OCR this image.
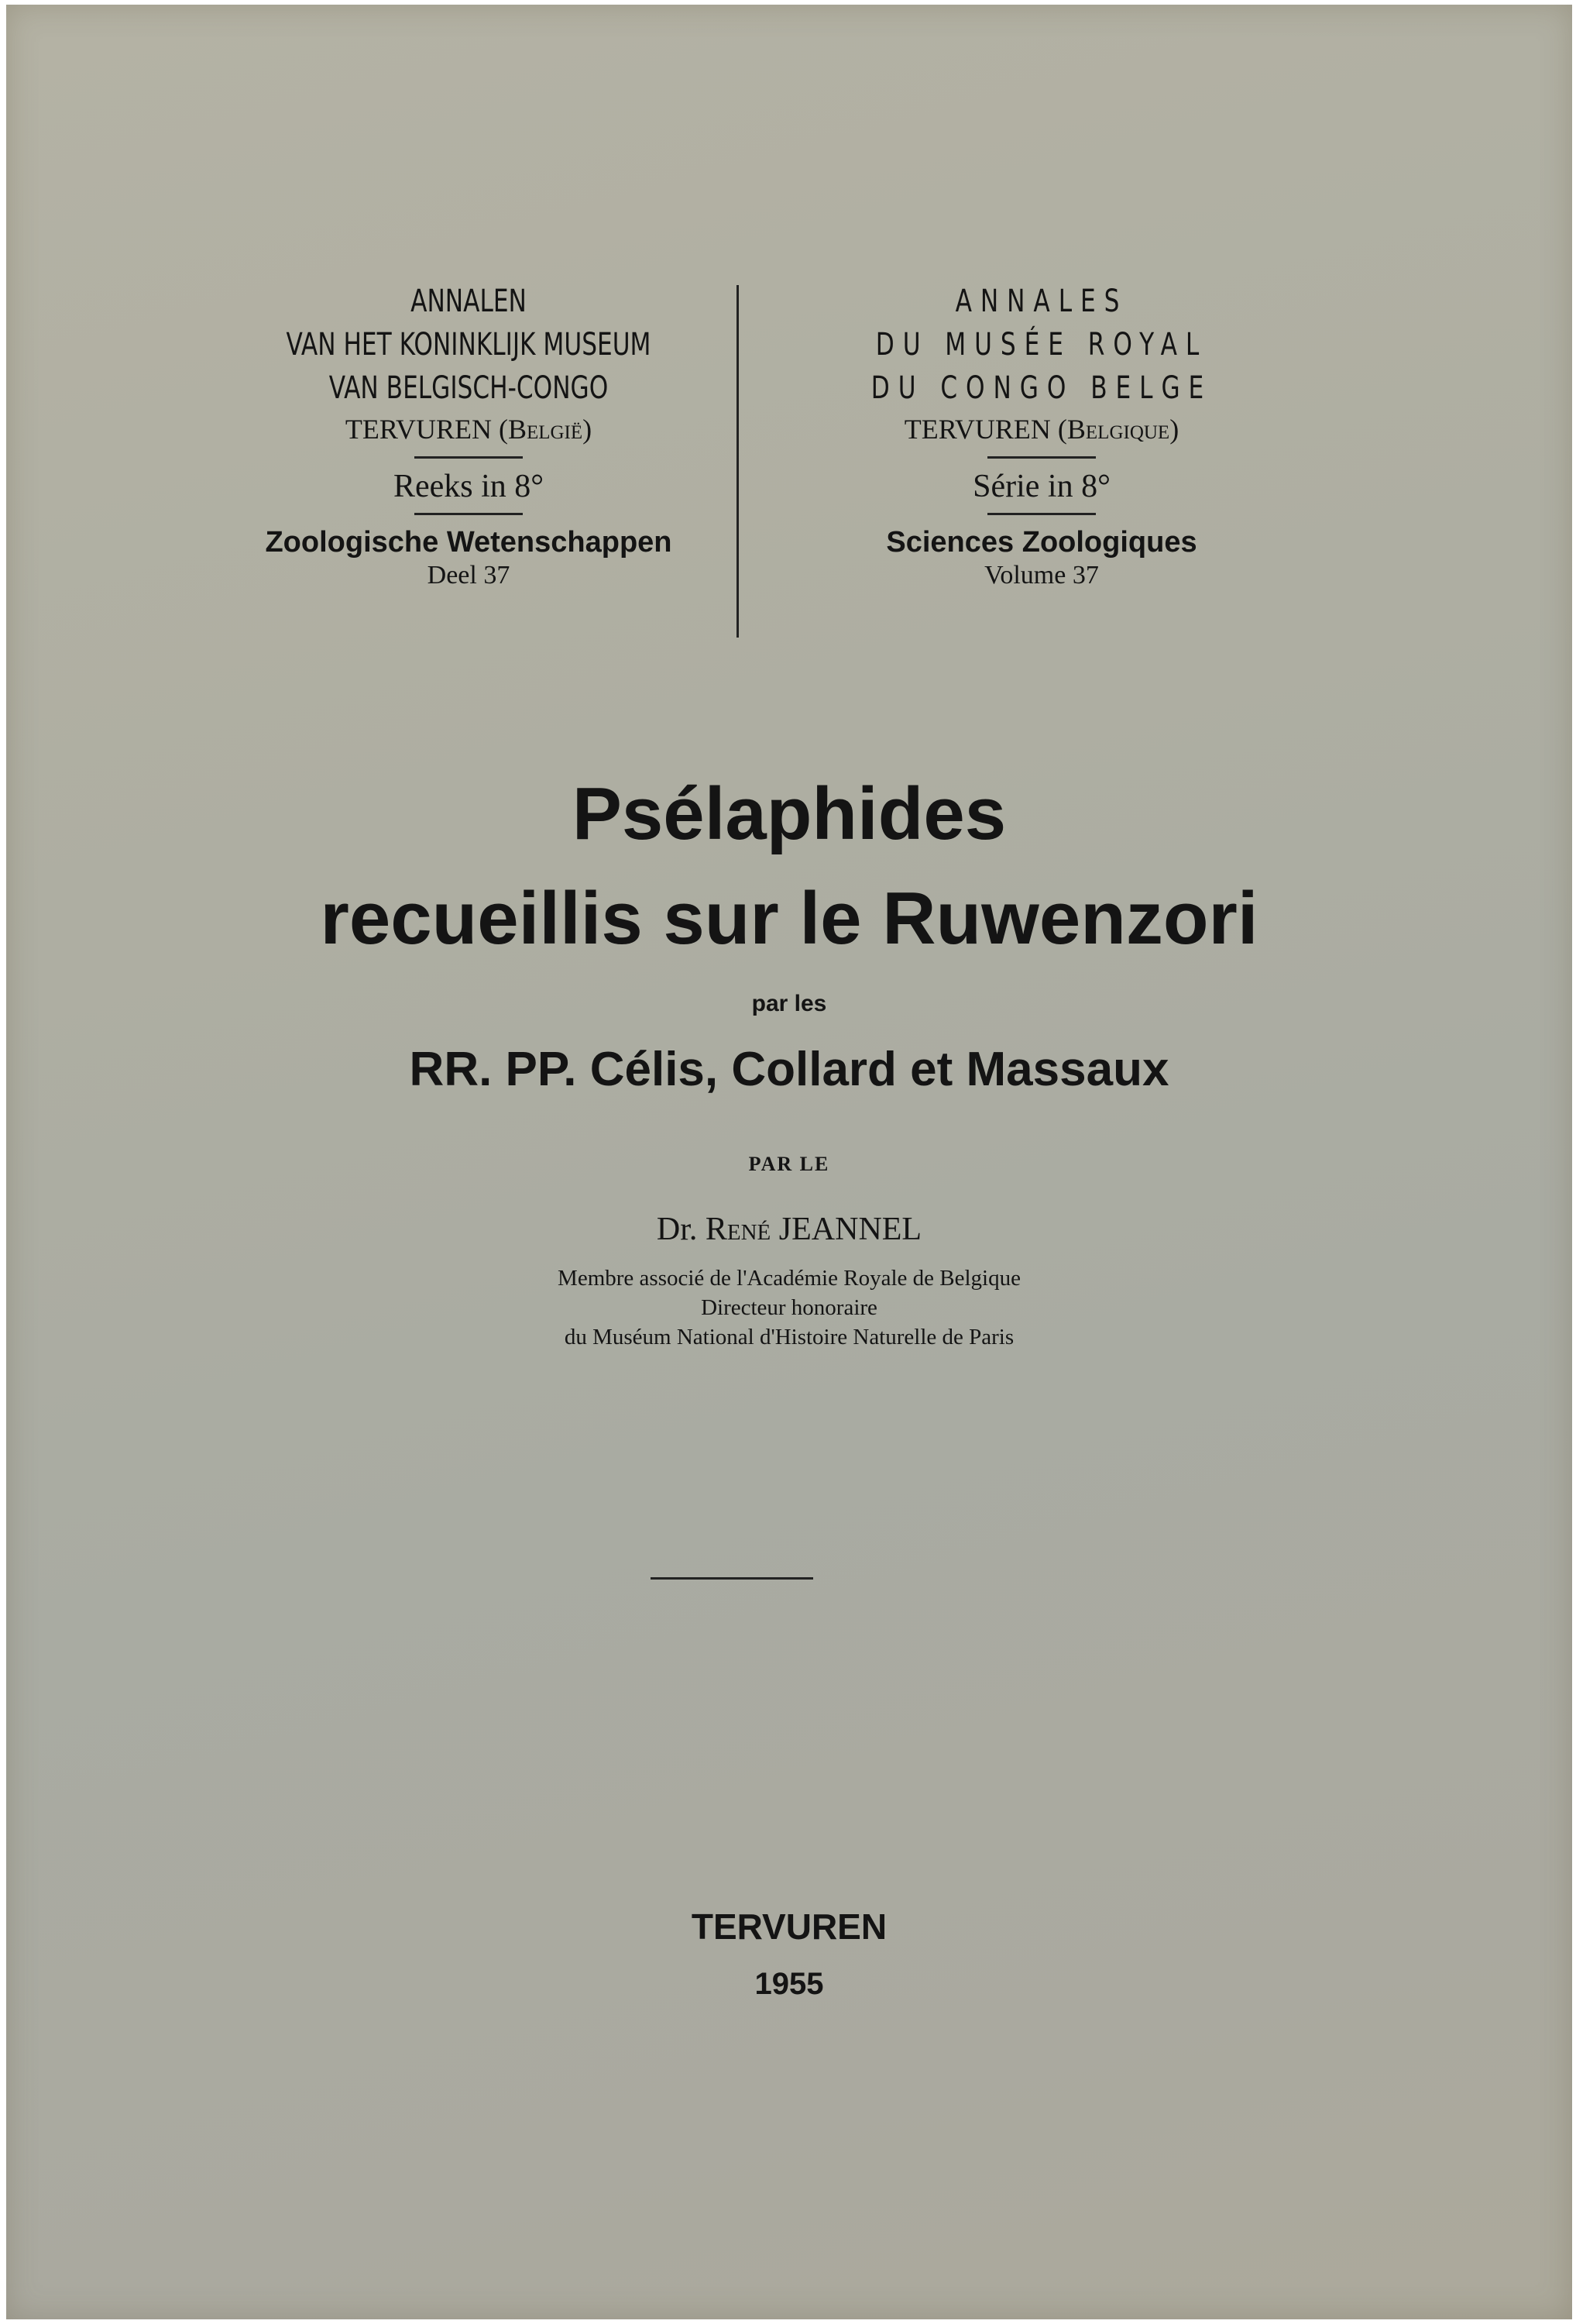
ANNALEN
VAN HET KONINKLIJK MUSEUM
VAN BELGISCH-CONGO
TERVUREN (België)
Reeks in 8°
Zoologische Wetenschappen
Deel 37
ANNALES
DU MUSÉE ROYAL
DU CONGO BELGE
TERVUREN (Belgique)
Série in 8°
Sciences Zoologiques
Volume 37
Psélaphides
recueillis sur le Ruwenzori
par les
RR. PP. Célis, Collard et Massaux
PAR LE
Dr. René JEANNEL
Membre associé de l'Académie Royale de Belgique
Directeur honoraire
du Muséum National d'Histoire Naturelle de Paris
TERVUREN
1955
